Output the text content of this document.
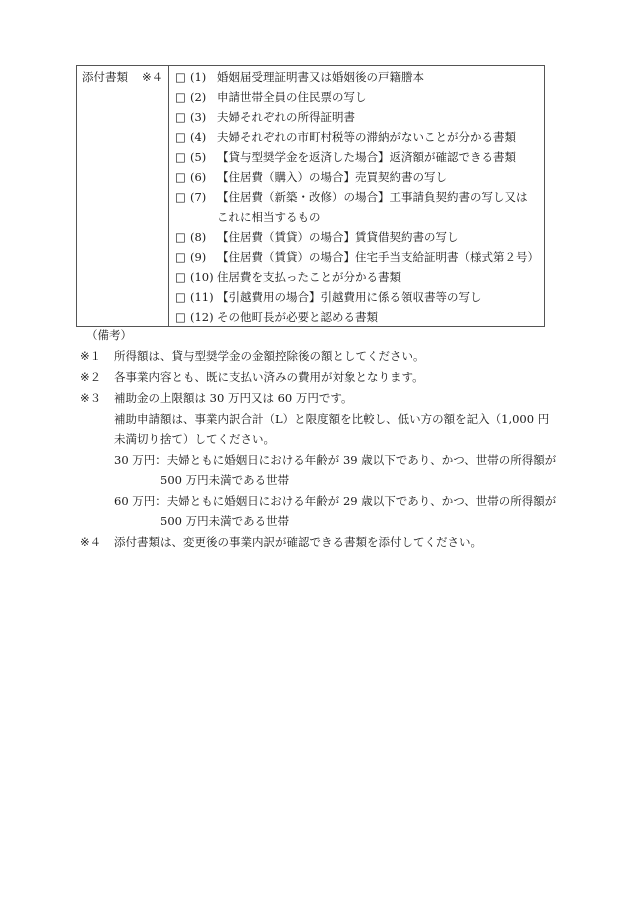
添付書類 ※４	□ (1) 婚姻届受理証明書又は婚姻後の戸籍謄本
□ (2) 申請世帯全員の住民票の写し
□ (3) 夫婦それぞれの所得証明書
□ (4) 夫婦それぞれの市町村税等の滞納がないことが分かる書類
□ (5) 【貸与型奨学金を返済した場合】返済額が確認できる書類
□ (6) 【住居費（購入）の場合】売買契約書の写し
□ (7) 【住居費（新築・改修）の場合】工事請負契約書の写し又は
これに相当するもの
□ (8) 【住居費（賃貸）の場合】賃貸借契約書の写し
□ (9) 【住居費（賃貸）の場合】住宅手当支給証明書（様式第２号）
□ (10) 住居費を支払ったことが分かる書類
□ (11) 【引越費用の場合】引越費用に係る領収書等の写し
□ (12) その他町長が必要と認める書類
（備考）
※１ 所得額は、貸与型奨学金の金額控除後の額としてください。
※２ 各事業内容とも、既に支払い済みの費用が対象となります。
※３ 補助金の上限額は 30 万円又は 60 万円です。
補助申請額は、事業内訳合計（L）と限度額を比較し、低い方の額を記入（1,000 円
未満切り捨て）してください。
30 万円：夫婦ともに婚姻日における年齢が 39 歳以下であり、かつ、世帯の所得額が
500 万円未満である世帯
60 万円：夫婦ともに婚姻日における年齢が 29 歳以下であり、かつ、世帯の所得額が
500 万円未満である世帯
※４ 添付書類は、変更後の事業内訳が確認できる書類を添付してください。
